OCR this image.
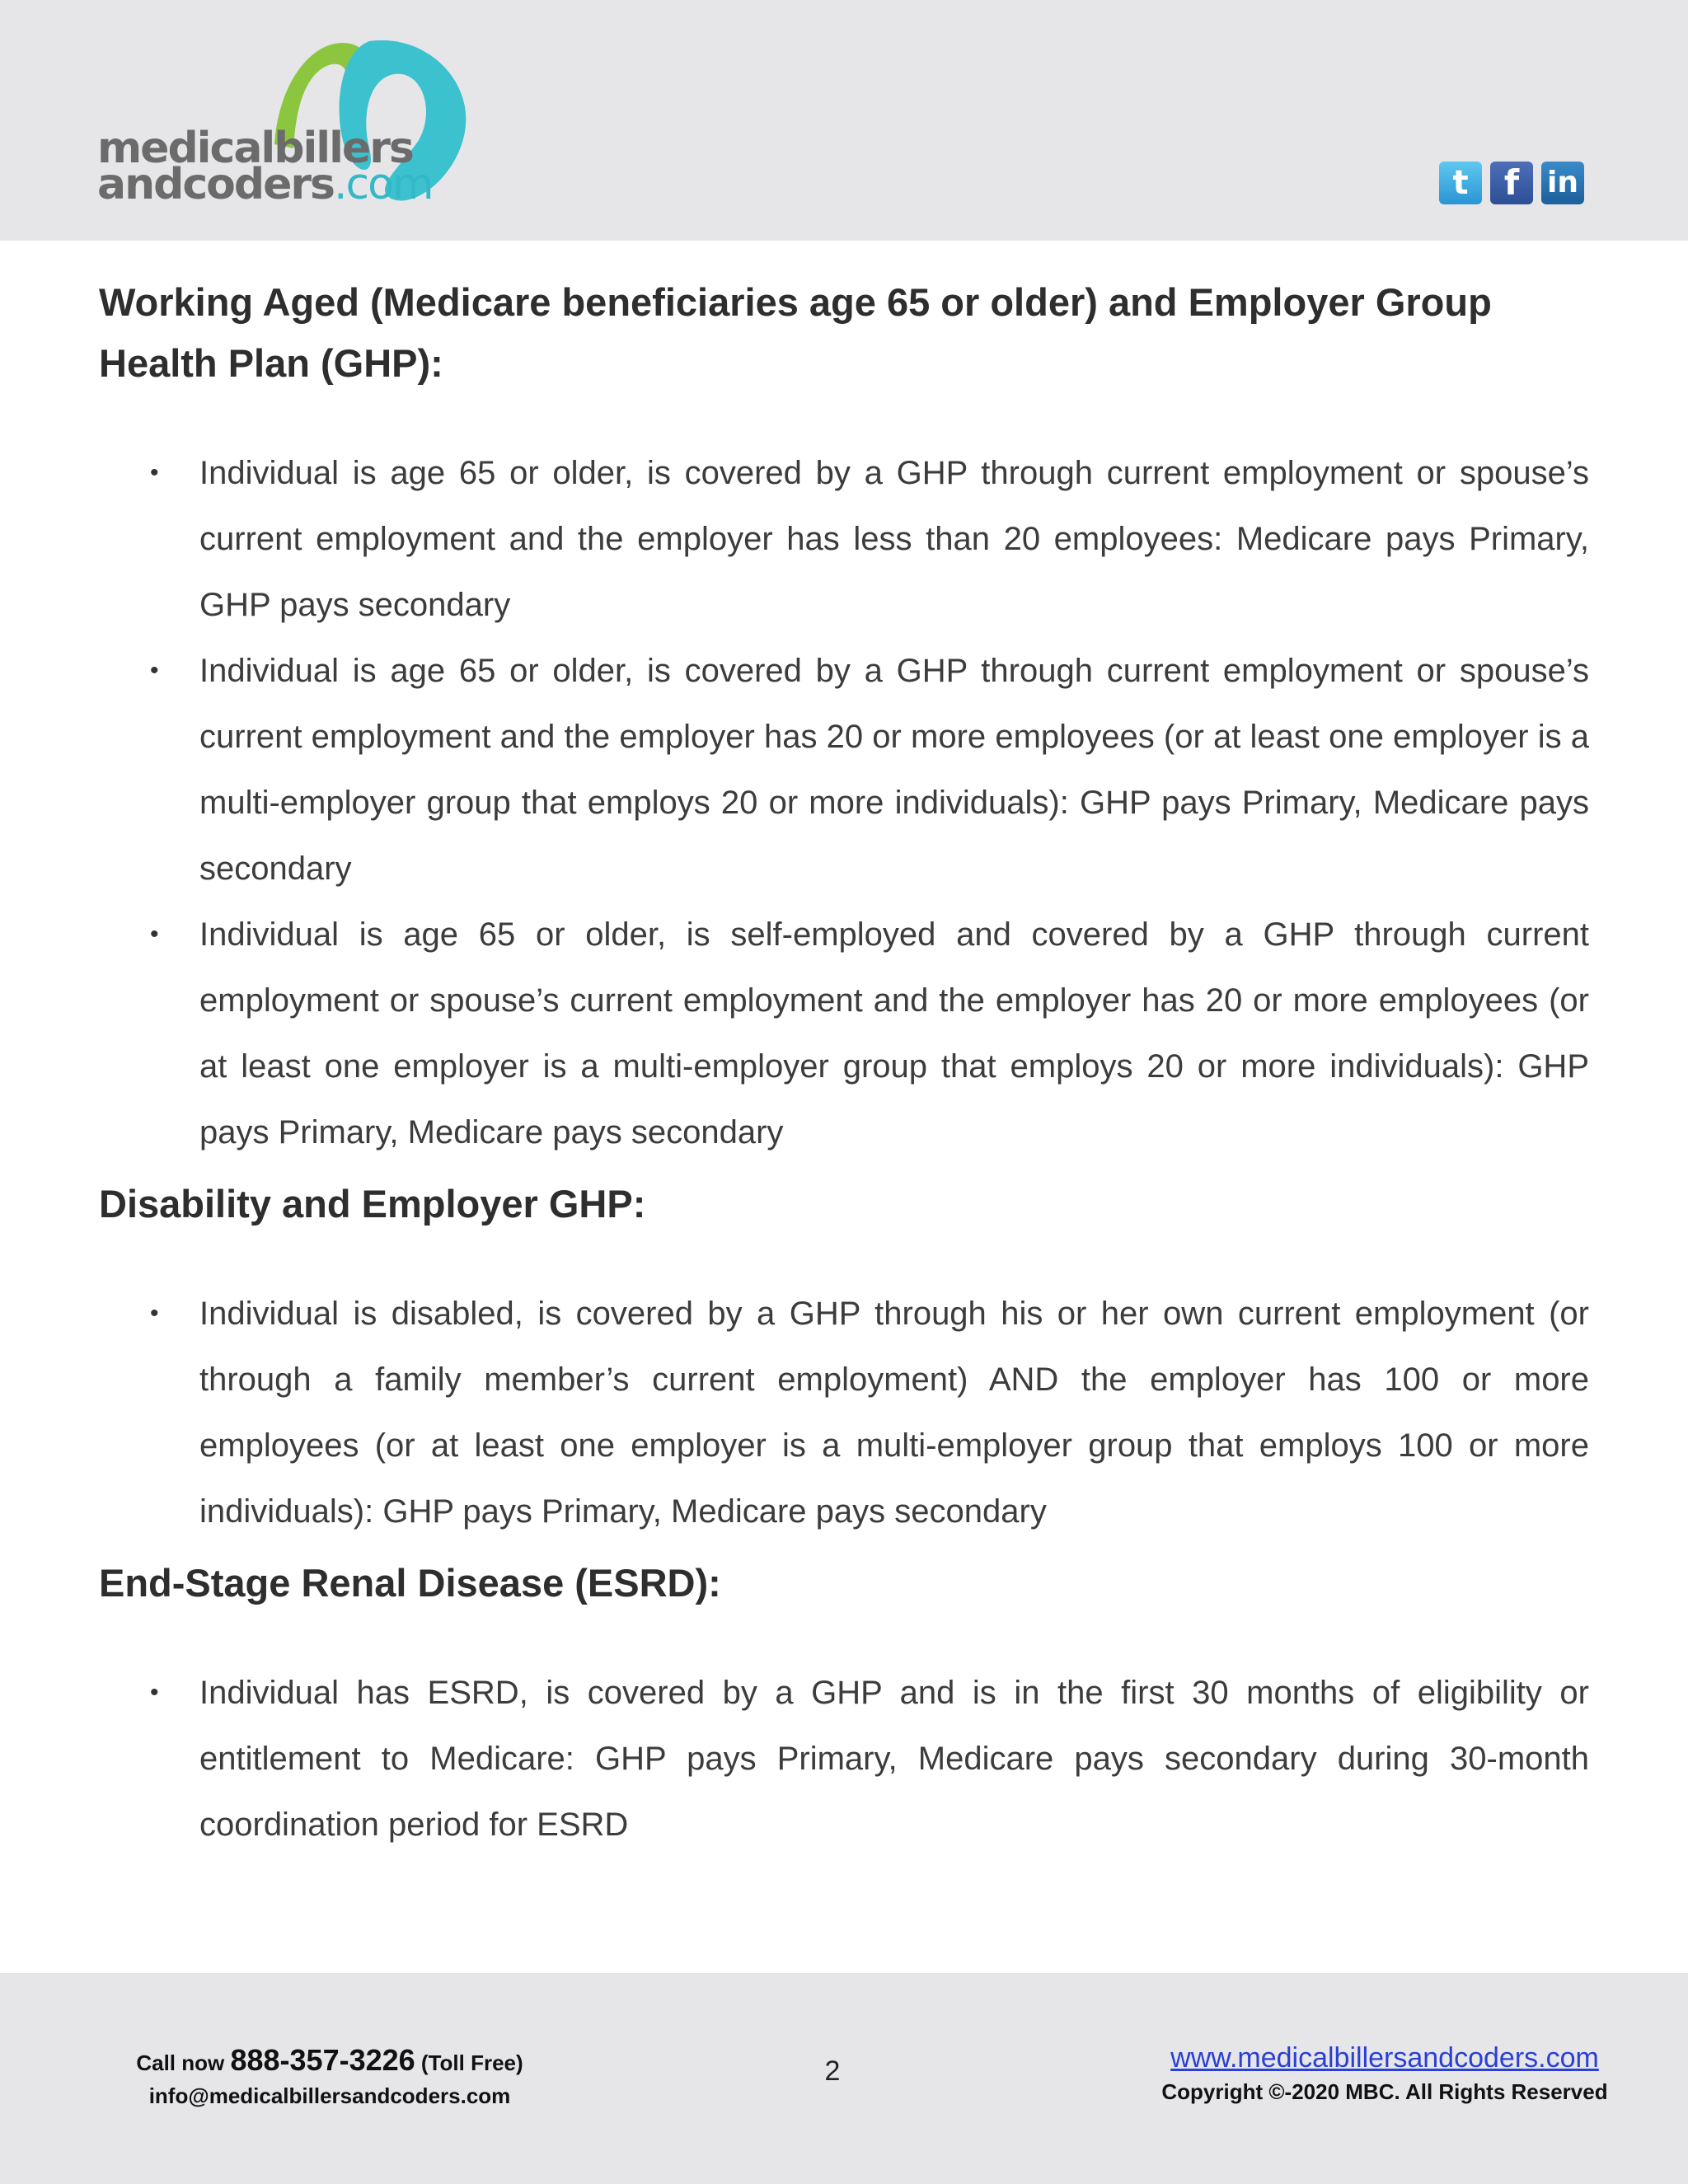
medicalbillers
andcoders.com	t	f in
Working Aged (Medicare beneficiaries age 65 or older) and Employer Group Health Plan (GHP):
• Individual is age 65 or older, is covered by a GHP through current employment or spouse’s current employment and the employer has less than 20 employees: Medicare pays Primary, GHP pays secondary
• Individual is age 65 or older, is covered by a GHP through current employment or spouse’s current employment and the employer has 20 or more employees (or at least one employer is a multi-employer group that employs 20 or more individuals): GHP pays Primary, Medicare pays secondary
• Individual is age 65 or older, is self-employed and covered by a GHP through current employment or spouse’s current employment and the employer has 20 or more employees (or at least one employer is a multi-employer group that employs 20 or more individuals): GHP pays Primary, Medicare pays secondary
Disability and Employer GHP:
• Individual is disabled, is covered by a GHP through his or her own current employment (or through a family member’s current employment) AND the employer has 100 or more employees (or at least one employer is a multi-employer group that employs 100 or more individuals): GHP pays Primary, Medicare pays secondary
End-Stage Renal Disease (ESRD):
• Individual has ESRD, is covered by a GHP and is in the first 30 months of eligibility or entitlement to Medicare: GHP pays Primary, Medicare pays secondary during 30-month coordination period for ESRD
Call now 888-357-3226 (Toll Free)
info@medicalbillersandcoders.com
2	www.medicalbillersandcoders.com
Copyright ©-2020 MBC. All Rights Reserved
